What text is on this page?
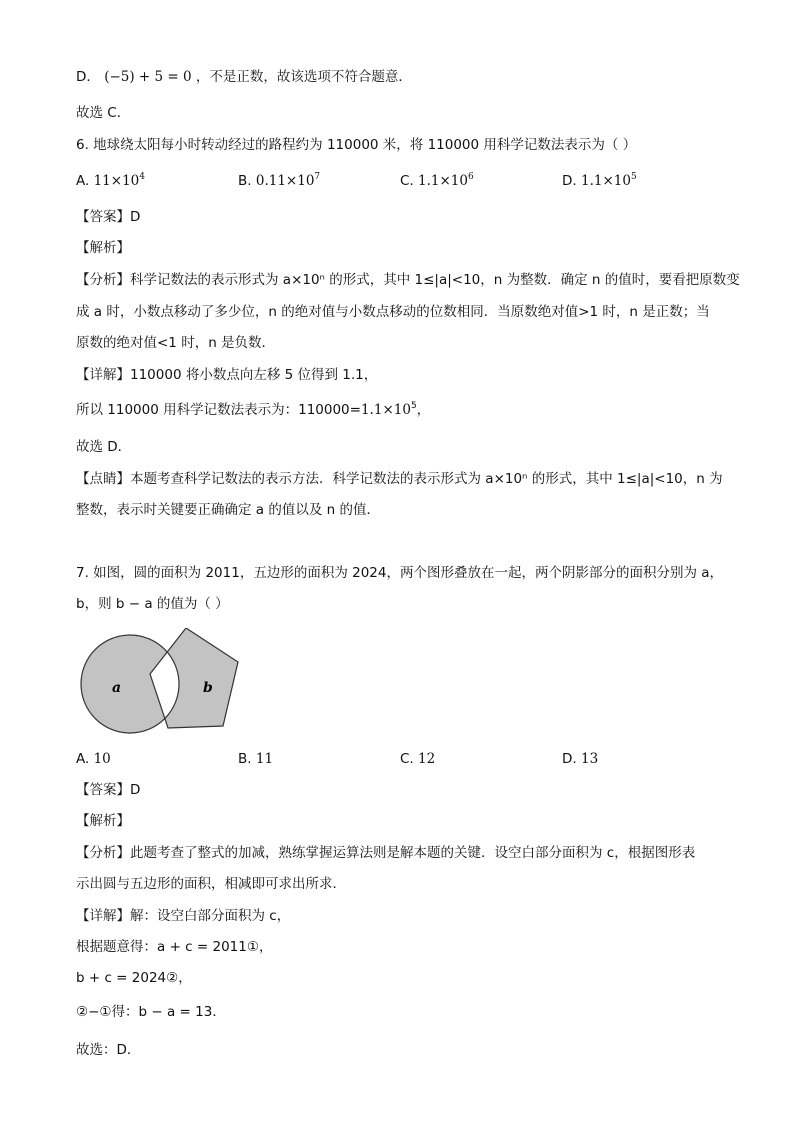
D． (−5) + 5 = 0 ，不是正数，故该选项不符合题意．
故选 C．
6. 地球绕太阳每小时转动经过的路程约为 110000 米，将 110000 用科学记数法表示为（ ）
A. $11\times 10^4$	B. $0.11\times 10^7$	C. $1.1\times 10^6$	D. $1.1\times 10^5$
【答案】D
【解析】
【分析】科学记数法的表示形式为 a×10ⁿ 的形式，其中 1≤|a|<10，n 为整数．确定 n 的值时，要看把原数变
成 a 时，小数点移动了多少位，n 的绝对值与小数点移动的位数相同．当原数绝对值>1 时，n 是正数；当
原数的绝对值<1 时，n 是负数．
【详解】110000 将小数点向左移 5 位得到 1.1，
所以 110000 用科学记数法表示为：$110000=1.1\times 10^5$，
故选 D．
【点睛】本题考查科学记数法的表示方法．科学记数法的表示形式为 a×10ⁿ 的形式，其中 1≤|a|<10，n 为
整数，表示时关键要正确确定 a 的值以及 n 的值．
7. 如图，圆的面积为 2011，五边形的面积为 2024，两个图形叠放在一起，两个阴影部分的面积分别为 a，
b，则 b − a 的值为（ ）
a	b
A. 10	B. 11	C. 12	D. 13
【答案】D
【解析】
【分析】此题考查了整式的加减，熟练掌握运算法则是解本题的关键．设空白部分面积为 c，根据图形表
示出圆与五边形的面积，相减即可求出所求．
【详解】解：设空白部分面积为 c，
根据题意得：a + c = 2011①，
b + c = 2024②，
②−①得：b − a = 13．
故选：D．
